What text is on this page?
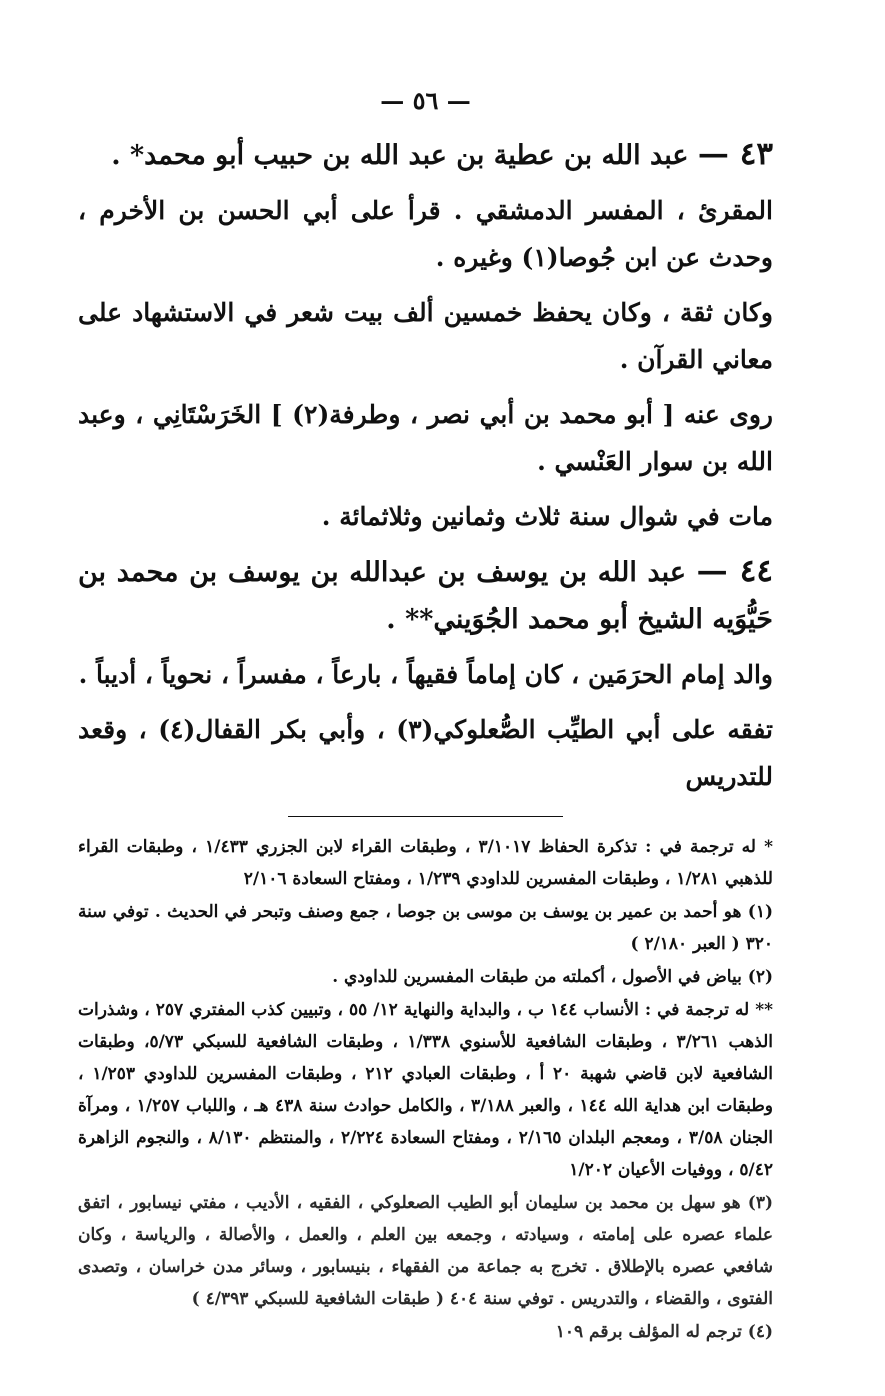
— ٥٦ —

٤٣ — عبد الله بن عطية بن عبد الله بن حبيب أبو محمد* .

المقرئ ، المفسر الدمشقي . قرأ على أبي الحسن بن الأخرم ، وحدث عن ابن جُوصا(١) وغيره .

وكان ثقة ، وكان يحفظ خمسين ألف بيت شعر في الاستشهاد على معاني القرآن .

روى عنه [ أبو محمد بن أبي نصر ، وطرفة(٢) ] الخَرَسْتَانِي ، وعبد الله بن سوار العَنْسي .

مات في شوال سنة ثلاث وثمانين وثلاثمائة .

٤٤ — عبد الله بن يوسف بن عبدالله بن يوسف بن محمد بن حَيُّوَيه الشيخ أبو محمد الجُوَيني** .

والد إمام الحرَمَين ، كان إماماً فقيهاً ، بارعاً ، مفسراً ، نحوياً ، أديباً .

تفقه على أبي الطيِّب الصُّعلوكي(٣) ، وأبي بكر القفال(٤) ، وقعد للتدريس

* له ترجمة في : تذكرة الحفاظ ٣/١٠١٧ ، وطبقات القراء لابن الجزري ١/٤٣٣ ، وطبقات القراء للذهبي ١/٢٨١ ، وطبقات المفسرين للداودي ١/٢٣٩ ، ومفتاح السعادة ٢/١٠٦

(١) هو أحمد بن عمير بن يوسف بن موسى بن جوصا ، جمع وصنف وتبحر في الحديث . توفي سنة ٣٢٠ ( العبر ٢/١٨٠ )

(٢) بياض في الأصول ، أكملته من طبقات المفسرين للداودي .

** له ترجمة في : الأنساب ١٤٤ ب ، والبداية والنهاية ١٢/ ٥٥ ، وتبيين كذب المفتري ٢٥٧ ، وشذرات الذهب ٣/٢٦١ ، وطبقات الشافعية للأسنوي ١/٣٣٨ ، وطبقات الشافعية للسبكي ٥/٧٣، وطبقات الشافعية لابن قاضي شهبة ٢٠ أ ، وطبقات العبادي ٢١٢ ، وطبقات المفسرين للداودي ١/٢٥٣ ، وطبقات ابن هداية الله ١٤٤ ، والعبر ٣/١٨٨ ، والكامل حوادث سنة ٤٣٨ هـ ، واللباب ١/٢٥٧ ، ومرآة الجنان ٣/٥٨ ، ومعجم البلدان ٢/١٦٥ ، ومفتاح السعادة ٢/٢٢٤ ، والمنتظم ٨/١٣٠ ، والنجوم الزاهرة ٥/٤٢ ، ووفيات الأعيان ١/٢٠٢

(٣) هو سهل بن محمد بن سليمان أبو الطيب الصعلوكي ، الفقيه ، الأديب ، مفتي نيسابور ، اتفق علماء عصره على إمامته ، وسيادته ، وجمعه بين العلم ، والعمل ، والأصالة ، والرياسة ، وكان شافعي عصره بالإطلاق . تخرج به جماعة من الفقهاء ، بنيسابور ، وسائر مدن خراسان ، وتصدى الفتوى ، والقضاء ، والتدريس . توفي سنة ٤٠٤ ( طبقات الشافعية للسبكي ٤/٣٩٣ )

(٤) ترجم له المؤلف برقم ١٠٩
